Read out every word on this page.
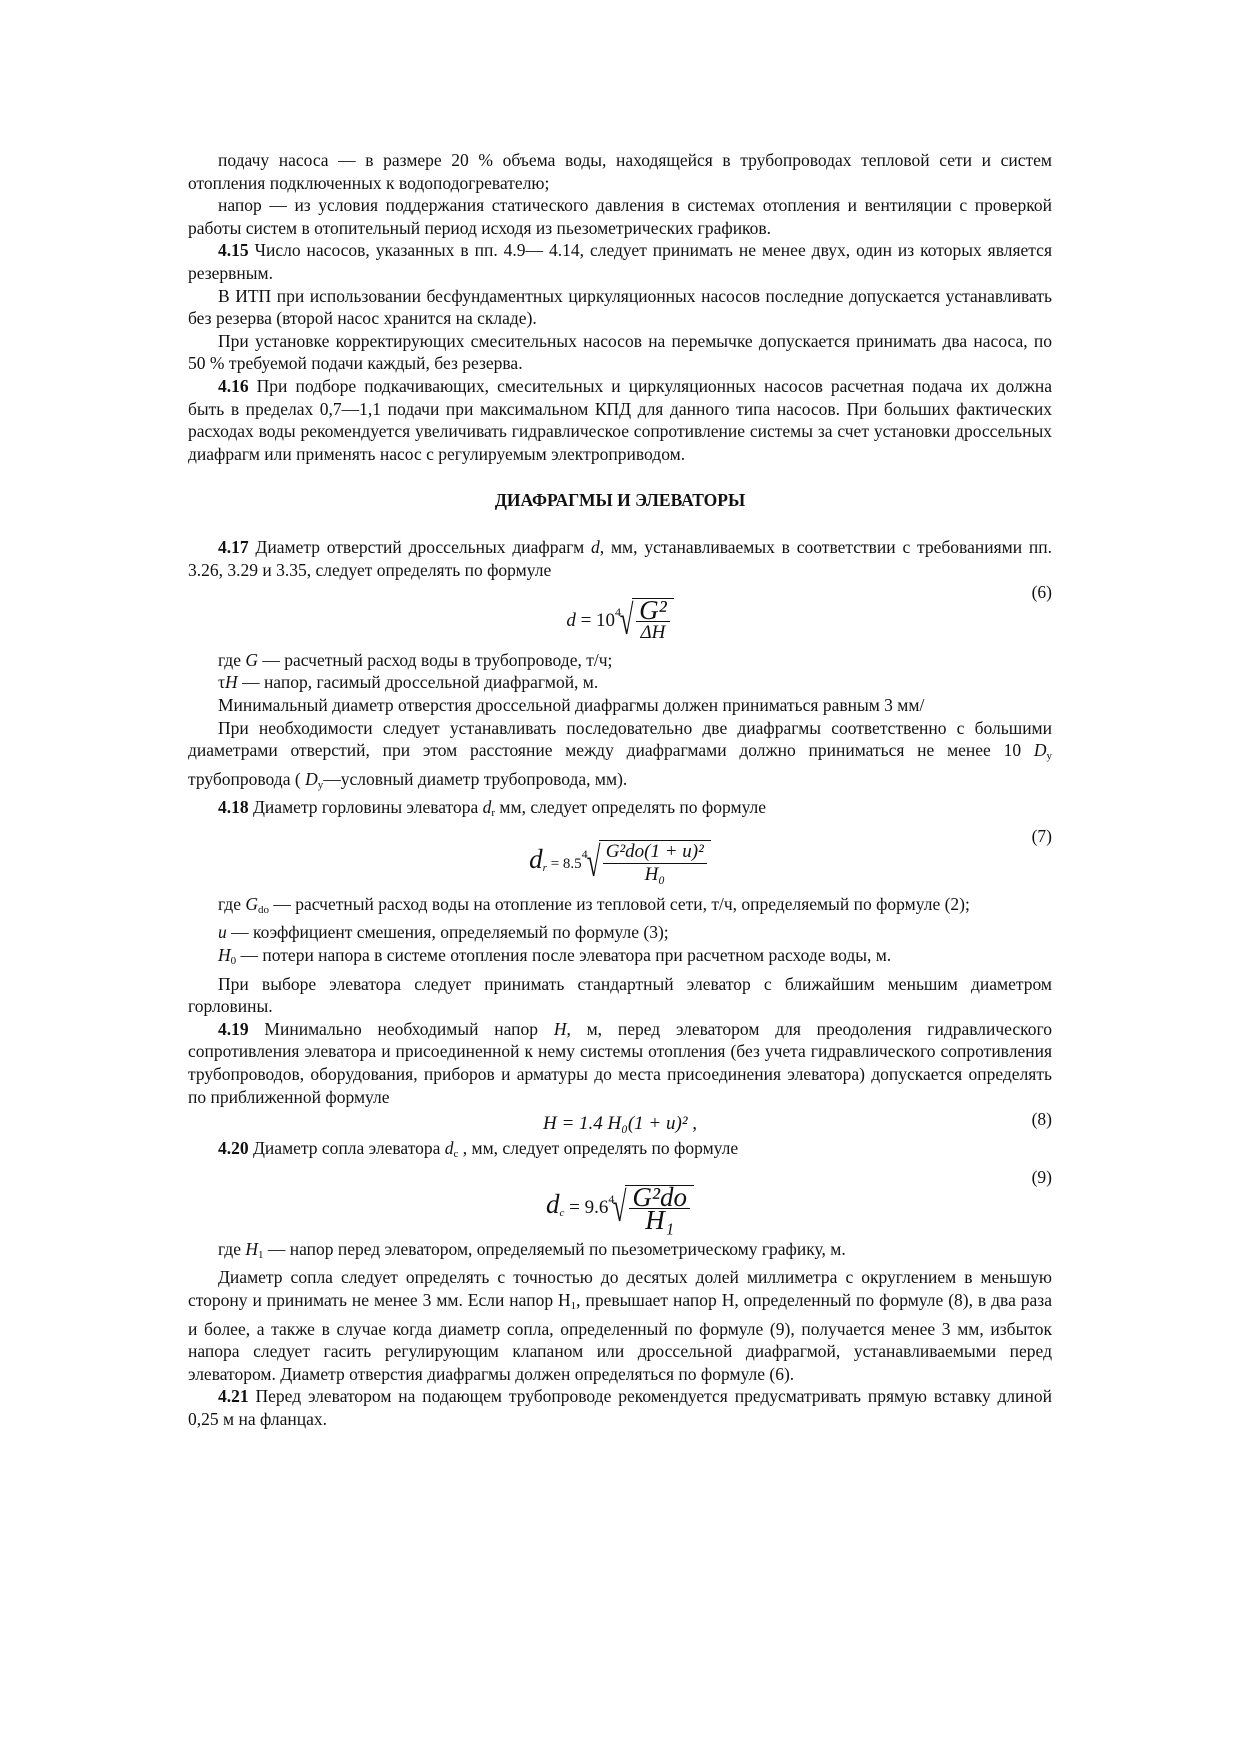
подачу насоса — в размере 20 % объема воды, находящейся в трубопроводах тепловой сети и систем отопления подключенных к водоподогревателю;

напор — из условия поддержания статического давления в системах отопления и вентиляции с проверкой работы систем в отопительный период исходя из пьезометрических графиков.

4.15 Число насосов, указанных в пп. 4.9— 4.14, следует принимать не менее двух, один из которых является резервным.

В ИТП при использовании бесфундаментных циркуляционных насосов последние допускается устанавливать без резерва (второй насос хранится на складе).

При установке корректирующих смесительных насосов на перемычке допускается принимать два насоса, по 50 % требуемой подачи каждый, без резерва.

4.16 При подборе подкачивающих, смесительных и циркуляционных насосов расчетная подача их должна быть в пределах 0,7—1,1 подачи при максимальном КПД для данного типа насосов. При больших фактических расходах воды рекомендуется увеличивать гидравлическое сопротивление системы за счет установки дроссельных диафрагм или применять насос с регулируемым электроприводом.

ДИАФРАГМЫ И ЭЛЕВАТОРЫ

4.17 Диаметр отверстий дроссельных диафрагм d, мм, устанавливаемых в соответствии с требованиями пп. 3.26, 3.29 и 3.35, следует определять по формуле

(6)
$d = 10^4√$
$\frac{\text{G²}}{\Delta H}$

где G — расчетный расход воды в трубопроводе, т/ч;

τH — напор, гасимый дроссельной диафрагмой, м.

Минимальный диаметр отверстия дроссельной диафрагмы должен приниматься равным 3 мм/

При необходимости следует устанавливать последовательно две диафрагмы соответственно с большими диаметрами отверстий, при этом расстояние между диафрагмами должно приниматься не менее 10 $D_y$ трубопровода ( $D_y—условный$ диаметр трубопровода, мм).

4.18 Диаметр горловины элеватора $d_r$ мм, следует определять по формуле

(7)
$d_r = 8.5^4√$
$\frac{\text{G²do(1 + u)²}}{\text{H₀}}$

где $G_{do}$ — расчетный расход воды на отопление из тепловой сети, т/ч, определяемый по формуле (2);

u — коэффициент смешения, определяемый по формуле (3);

$H_0$ — потери напора в системе отопления после элеватора при расчетном расходе воды, м.

При выборе элеватора следует принимать стандартный элеватор с ближайшим меньшим диаметром горловины.

4.19 Минимально необходимый напор H, м, перед элеватором для преодоления гидравлического сопротивления элеватора и присоединенной к нему системы отопления (без учета гидравлического сопротивления трубопроводов, оборудования, приборов и арматуры до места присоединения элеватора) допускается определять по приближенной формуле

(8)
H = 1.4 H₀(1 + u)² ,

4.20 Диаметр сопла элеватора $d_c$ , мм, следует определять по формуле

(9)
$d_c = 9.6^4√$
$\frac{\text{G²do}}{\text{H₁}}$

где $H_1$ — напор перед элеватором, определяемый по пьезометрическому графику, м.

Диаметр сопла следует определять с точностью до десятых долей миллиметра с округлением в меньшую сторону и принимать не менее 3 мм. Если напор $Н_1$, превышает напор Н, определенный по формуле (8), в два раза и более, а также в случае когда диаметр сопла, определенный по формуле (9), получается менее 3 мм, избыток напора следует гасить регулирующим клапаном или дроссельной диафрагмой, устанавливаемыми перед элеватором. Диаметр отверстия диафрагмы должен определяться по формуле (6).

4.21 Перед элеватором на подающем трубопроводе рекомендуется предусматривать прямую вставку длиной 0,25 м на фланцах.
